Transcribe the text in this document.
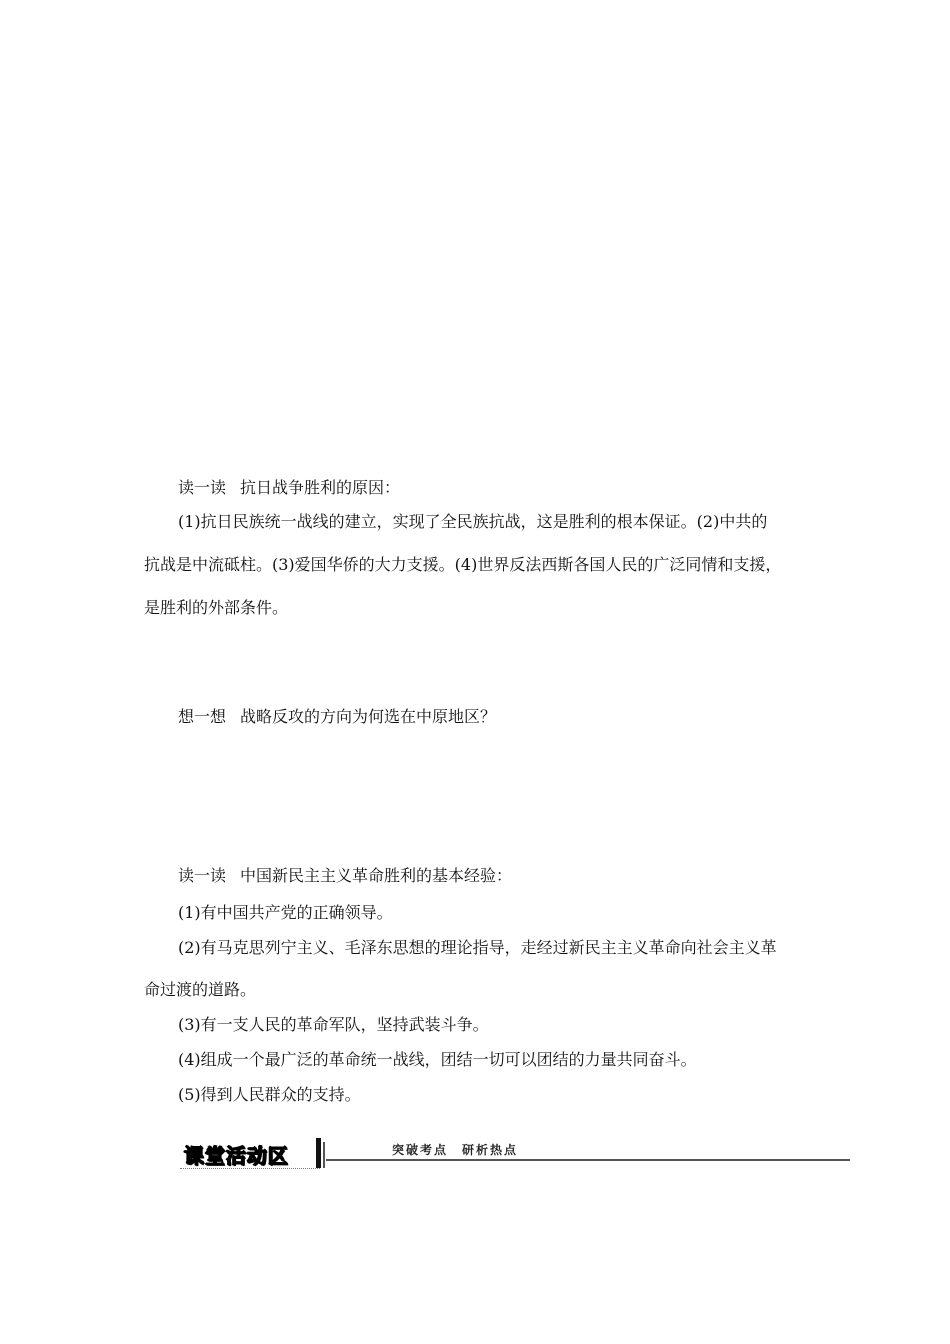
读一读 抗日战争胜利的原因：
(1)抗日民族统一战线的建立，实现了全民族抗战，这是胜利的根本保证。(2)中共的
抗战是中流砥柱。(3)爱国华侨的大力支援。(4)世界反法西斯各国人民的广泛同情和支援，
是胜利的外部条件。
想一想 战略反攻的方向为何选在中原地区？
读一读 中国新民主主义革命胜利的基本经验：
(1)有中国共产党的正确领导。
(2)有马克思列宁主义、毛泽东思想的理论指导，走经过新民主主义革命向社会主义革
命过渡的道路。
(3)有一支人民的革命军队，坚持武装斗争。
(4)组成一个最广泛的革命统一战线，团结一切可以团结的力量共同奋斗。
(5)得到人民群众的支持。
课堂活动区	突破考点　研析热点
